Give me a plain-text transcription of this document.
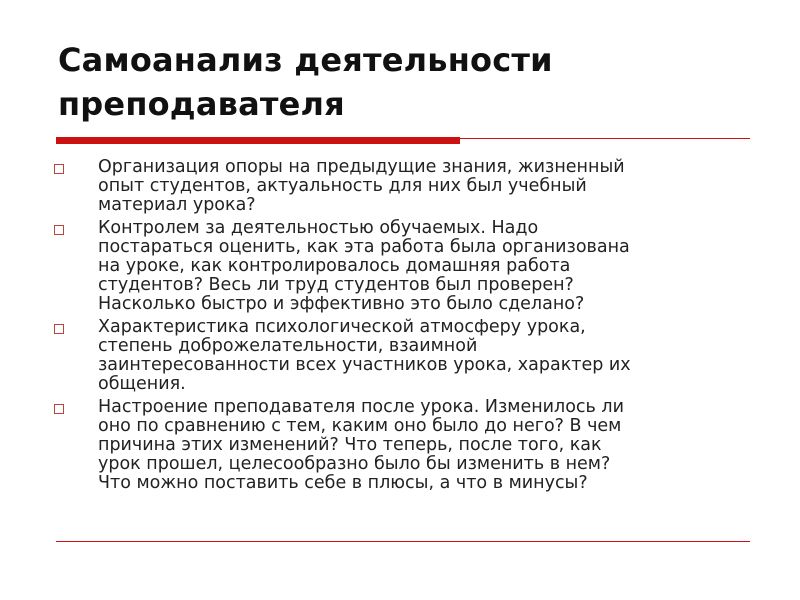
Самоанализ деятельности
преподавателя
Организация опоры на предыдущие знания, жизненный
опыт студентов, актуальность для них был учебный
материал урока?
Контролем за деятельностью обучаемых. Надо
постараться оценить, как эта работа была организована
на уроке, как контролировалось домашняя работа
студентов? Весь ли труд студентов был проверен?
Насколько быстро и эффективно это было сделано?
Характеристика психологической атмосферу урока,
степень доброжелательности, взаимной
заинтересованности всех участников урока, характер их
общения.
Настроение преподавателя после урока. Изменилось ли
оно по сравнению с тем, каким оно было до него? В чем
причина этих изменений? Что теперь, после того, как
урок прошел, целесообразно было бы изменить в нем?
Что можно поставить себе в плюсы, а что в минусы?
